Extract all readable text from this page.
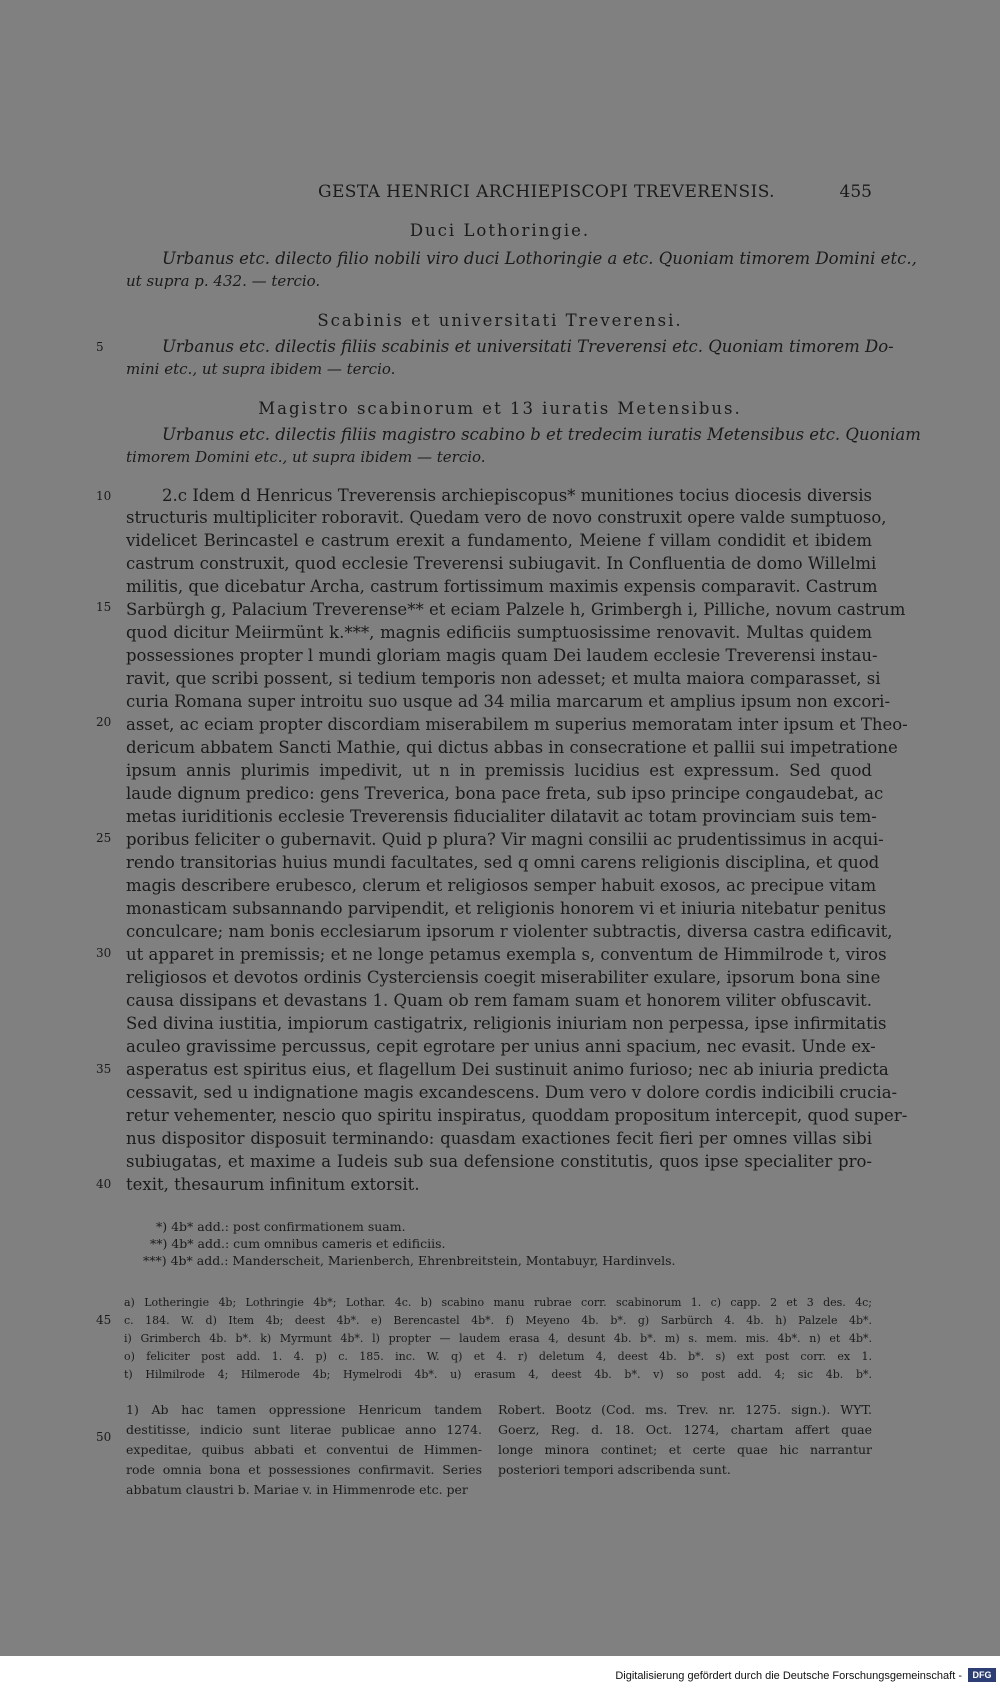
GESTA HENRICI ARCHIEPISCOPI TREVERENSIS.	455
Duci Lothoringie.
Urbanus etc. dilecto filio nobili viro duci Lothoringie a etc. Quoniam timorem Domini etc.,
ut supra p. 432. — tercio.
Scabinis et universitati Treverensi.
Urbanus etc. dilectis filiis scabinis et universitati Treverensi etc. Quoniam timorem Do-
mini etc., ut supra ibidem — tercio.
Magistro scabinorum et 13 iuratis Metensibus.
Urbanus etc. dilectis filiis magistro scabino b et tredecim iuratis Metensibus etc. Quoniam
timorem Domini etc., ut supra ibidem — tercio.
5
10
15
20
25
30
35
40
45
50
2.c Idem d Henricus Treverensis archiepiscopus* munitiones tocius diocesis diversis
structuris multipliciter roboravit. Quedam vero de novo construxit opere valde sumptuoso,
videlicet Berincastel e castrum erexit a fundamento, Meiene f villam condidit et ibidem
castrum construxit, quod ecclesie Treverensi subiugavit. In Confluentia de domo Willelmi
militis, que dicebatur Archa, castrum fortissimum maximis expensis comparavit. Castrum
Sarbürgh g, Palacium Treverense** et eciam Palzele h, Grimbergh i, Pilliche, novum castrum
quod dicitur Meiirmünt k.***, magnis edificiis sumptuosissime renovavit. Multas quidem
possessiones propter l mundi gloriam magis quam Dei laudem ecclesie Treverensi instau-
ravit, que scribi possent, si tedium temporis non adesset; et multa maiora comparasset, si
curia Romana super introitu suo usque ad 34 milia marcarum et amplius ipsum non excori-
asset, ac eciam propter discordiam miserabilem m superius memoratam inter ipsum et Theo-
dericum abbatem Sancti Mathie, qui dictus abbas in consecratione et pallii sui impetratione
ipsum annis plurimis impedivit, ut n in premissis lucidius est expressum. Sed quod
laude dignum predico: gens Treverica, bona pace freta, sub ipso principe congaudebat, ac
metas iuriditionis ecclesie Treverensis fiducialiter dilatavit ac totam provinciam suis tem-
poribus feliciter o gubernavit. Quid p plura? Vir magni consilii ac prudentissimus in acqui-
rendo transitorias huius mundi facultates, sed q omni carens religionis disciplina, et quod
magis describere erubesco, clerum et religiosos semper habuit exosos, ac precipue vitam
monasticam subsannando parvipendit, et religionis honorem vi et iniuria nitebatur penitus
conculcare; nam bonis ecclesiarum ipsorum r violenter subtractis, diversa castra edificavit,
ut apparet in premissis; et ne longe petamus exempla s, conventum de Himmilrode t, viros
religiosos et devotos ordinis Cysterciensis coegit miserabiliter exulare, ipsorum bona sine
causa dissipans et devastans 1. Quam ob rem famam suam et honorem viliter obfuscavit.
Sed divina iustitia, impiorum castigatrix, religionis iniuriam non perpessa, ipse infirmitatis
aculeo gravissime percussus, cepit egrotare per unius anni spacium, nec evasit. Unde ex-
asperatus est spiritus eius, et flagellum Dei sustinuit animo furioso; nec ab iniuria predicta
cessavit, sed u indignatione magis excandescens. Dum vero v dolore cordis indicibili crucia-
retur vehementer, nescio quo spiritu inspiratus, quoddam propositum intercepit, quod super-
nus dispositor disposuit terminando: quasdam exactiones fecit fieri per omnes villas sibi
subiugatas, et maxime a Iudeis sub sua defensione constitutis, quos ipse specialiter pro-
texit, thesaurum infinitum extorsit.
*) 4b* add.: post confirmationem suam.
**) 4b* add.: cum omnibus cameris et edificiis.
***) 4b* add.: Manderscheit, Marienberch, Ehrenbreitstein, Montabuyr, Hardinvels.
a) Lotheringie 4b; Lothringie 4b*; Lothar. 4c. b) scabino manu rubrae corr. scabinorum 1. c) capp. 2 et 3 des. 4c;
c. 184. W. d) Item 4b; deest 4b*. e) Berencastel 4b*. f) Meyeno 4b. b*. g) Sarbürch 4. 4b. h) Palzele 4b*.
i) Grimberch 4b. b*. k) Myrmunt 4b*. l) propter — laudem erasa 4, desunt 4b. b*. m) s. mem. mis. 4b*. n) et 4b*.
o) feliciter post add. 1. 4. p) c. 185. inc. W. q) et 4. r) deletum 4, deest 4b. b*. s) ext post corr. ex 1.
t) Hilmilrode 4; Hilmerode 4b; Hymelrodi 4b*. u) erasum 4, deest 4b. b*. v) so post add. 4; sic 4b. b*.
1) Ab hac tamen oppressione Henricum tandem
destitisse, indicio sunt literae publicae anno 1274.
expeditae, quibus abbati et conventui de Himmen-
rode omnia bona et possessiones confirmavit. Series
abbatum claustri b. Mariae v. in Himmenrode etc. per
Robert. Bootz (Cod. ms. Trev. nr. 1275. sign.). WYT.
Goerz, Reg. d. 18. Oct. 1274, chartam affert quae
longe minora continet; et certe quae hic narrantur
posteriori tempori adscribenda sunt.
Digitalisierung gefördert durch die Deutsche Forschungsgemeinschaft -	DFG
